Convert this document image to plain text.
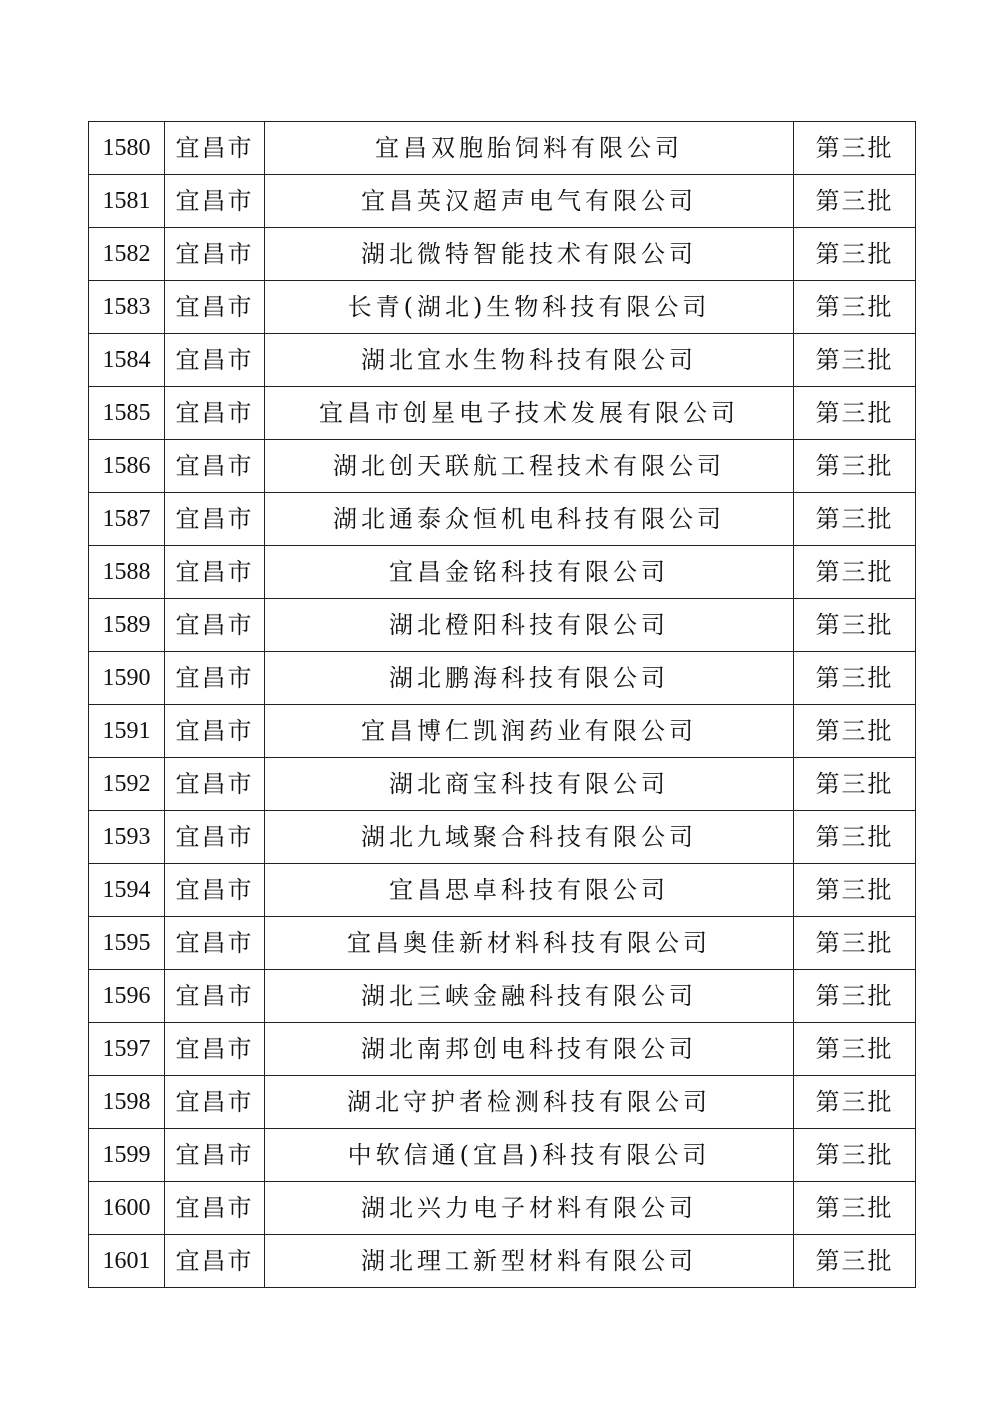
1580	宜昌市	宜昌双胞胎饲料有限公司	第三批
1581	宜昌市	宜昌英汉超声电气有限公司	第三批
1582	宜昌市	湖北微特智能技术有限公司	第三批
1583	宜昌市	长青(湖北)生物科技有限公司	第三批
1584	宜昌市	湖北宜水生物科技有限公司	第三批
1585	宜昌市	宜昌市创星电子技术发展有限公司	第三批
1586	宜昌市	湖北创天联航工程技术有限公司	第三批
1587	宜昌市	湖北通泰众恒机电科技有限公司	第三批
1588	宜昌市	宜昌金铭科技有限公司	第三批
1589	宜昌市	湖北橙阳科技有限公司	第三批
1590	宜昌市	湖北鹏海科技有限公司	第三批
1591	宜昌市	宜昌博仁凯润药业有限公司	第三批
1592	宜昌市	湖北商宝科技有限公司	第三批
1593	宜昌市	湖北九域聚合科技有限公司	第三批
1594	宜昌市	宜昌思卓科技有限公司	第三批
1595	宜昌市	宜昌奥佳新材料科技有限公司	第三批
1596	宜昌市	湖北三峡金融科技有限公司	第三批
1597	宜昌市	湖北南邦创电科技有限公司	第三批
1598	宜昌市	湖北守护者检测科技有限公司	第三批
1599	宜昌市	中软信通(宜昌)科技有限公司	第三批
1600	宜昌市	湖北兴力电子材料有限公司	第三批
1601	宜昌市	湖北理工新型材料有限公司	第三批
